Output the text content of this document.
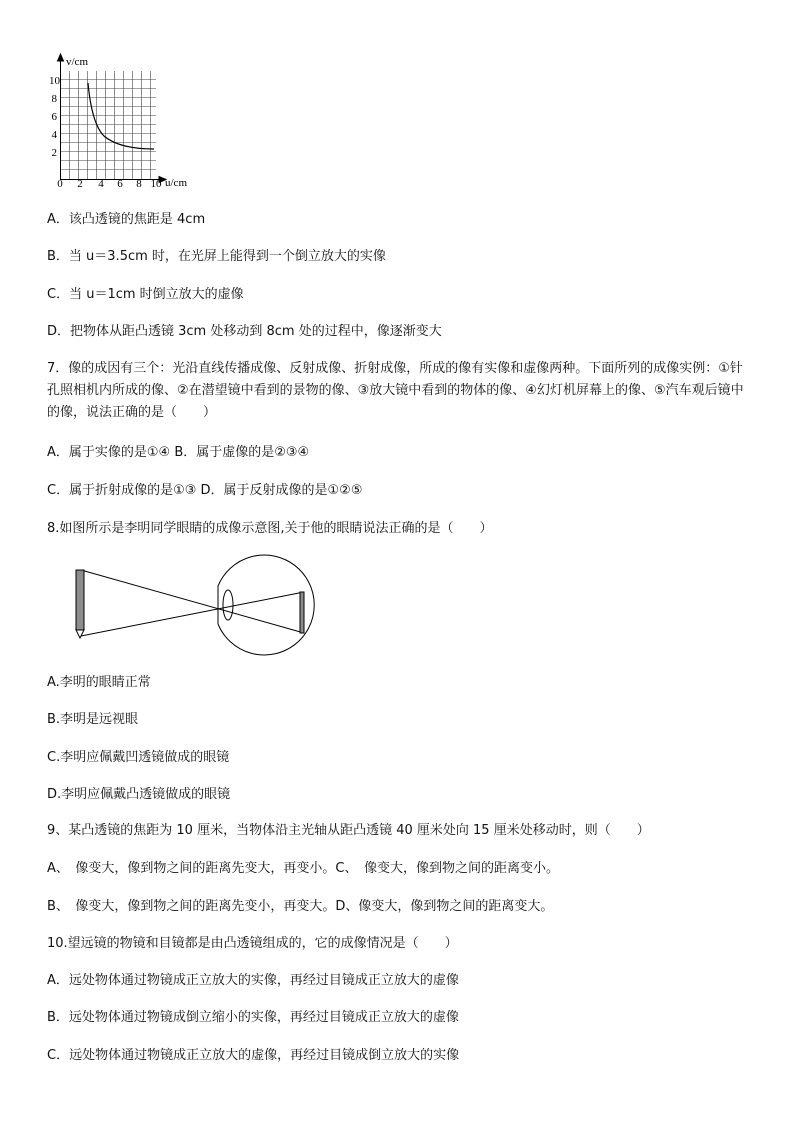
v/cm
u/cm
2
4
6
8
10
0 2 4 6 8 10
A．该凸透镜的焦距是 4cm
B．当 u＝3.5cm 时，在光屏上能得到一个倒立放大的实像
C．当 u＝1cm 时倒立放大的虚像
D．把物体从距凸透镜 3cm 处移动到 8cm 处的过程中，像逐渐变大
7．像的成因有三个：光沿直线传播成像、反射成像、折射成像，所成的像有实像和虚像两种。下面所列的成像实例：①针孔照相机内所成的像、②在潜望镜中看到的景物的像、③放大镜中看到的物体的像、④幻灯机屏幕上的像、⑤汽车观后镜中的像，说法正确的是（　　）
A．属于实像的是①④ B．属于虚像的是②③④
C．属于折射成像的是①③ D．属于反射成像的是①②⑤
8.如图所示是李明同学眼睛的成像示意图,关于他的眼睛说法正确的是（　　）
A.李明的眼睛正常
B.李明是远视眼
C.李明应佩戴凹透镜做成的眼镜
D.李明应佩戴凸透镜做成的眼镜
9、某凸透镜的焦距为 10 厘米，当物体沿主光轴从距凸透镜 40 厘米处向 15 厘米处移动时，则（　　）
A、　像变大，像到物之间的距离先变大，再变小。C、　像变大，像到物之间的距离变小。
B、　像变大，像到物之间的距离先变小，再变大。D、像变大，像到物之间的距离变大。
10.望远镜的物镜和目镜都是由凸透镜组成的，它的成像情况是（　　）
A．远处物体通过物镜成正立放大的实像，再经过目镜成正立放大的虚像
B．远处物体通过物镜成倒立缩小的实像，再经过目镜成正立放大的虚像
C．远处物体通过物镜成正立放大的虚像，再经过目镜成倒立放大的实像
